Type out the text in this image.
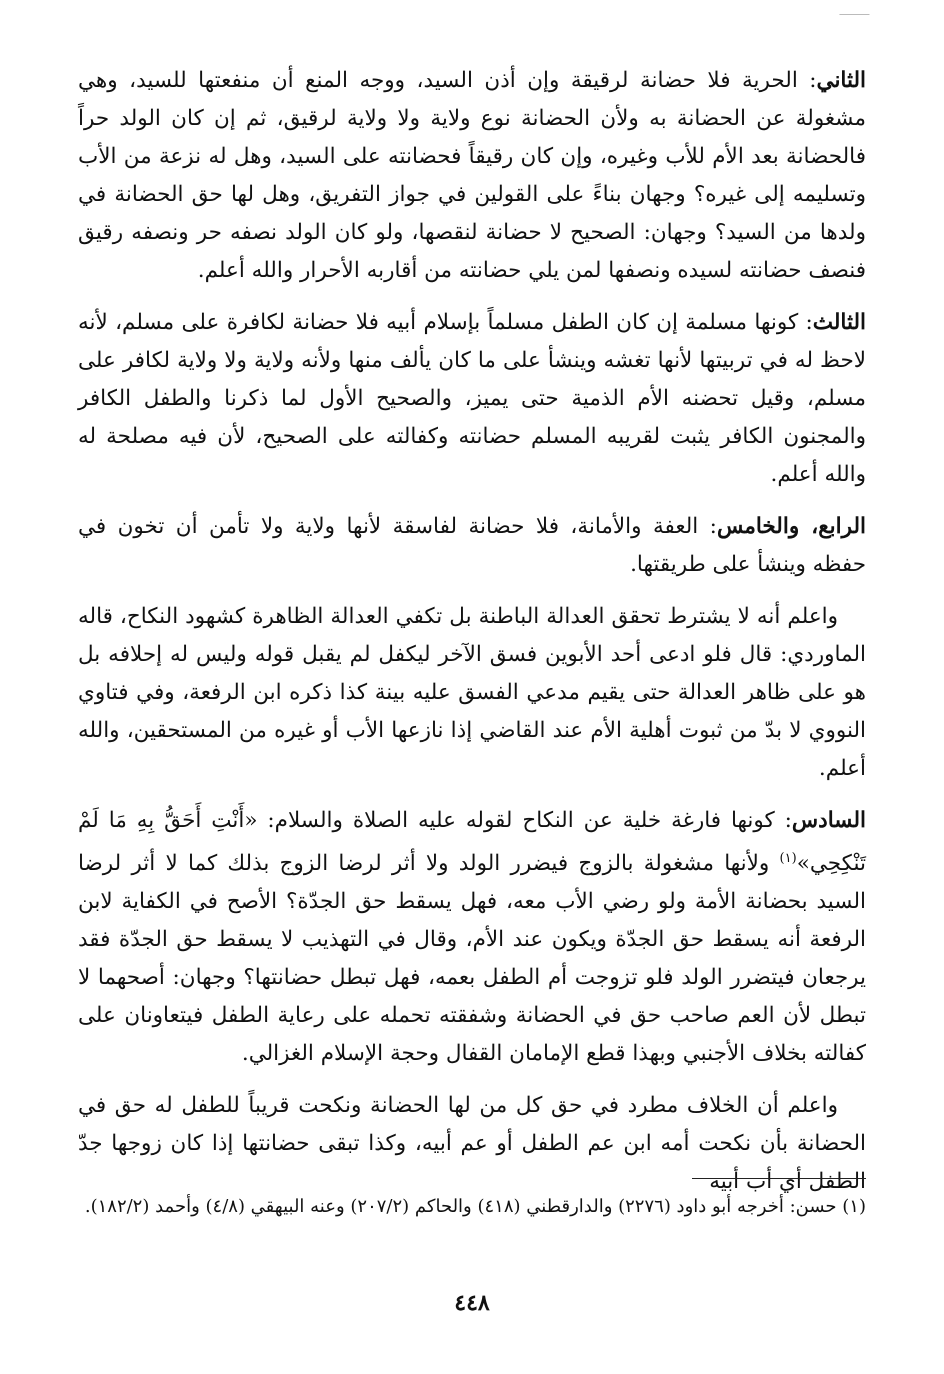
الثاني: الحرية فلا حضانة لرقيقة وإن أذن السيد، ووجه المنع أن منفعتها للسيد، وهي مشغولة عن الحضانة به ولأن الحضانة نوع ولاية ولا ولاية لرقيق، ثم إن كان الولد حراً فالحضانة بعد الأم للأب وغيره، وإن كان رقيقاً فحضانته على السيد، وهل له نزعة من الأب وتسليمه إلى غيره؟ وجهان بناءً على القولين في جواز التفريق، وهل لها حق الحضانة في ولدها من السيد؟ وجهان: الصحيح لا حضانة لنقصها، ولو كان الولد نصفه حر ونصفه رقيق فنصف حضانته لسيده ونصفها لمن يلي حضانته من أقاربه الأحرار والله أعلم.

الثالث: كونها مسلمة إن كان الطفل مسلماً بإسلام أبيه فلا حضانة لكافرة على مسلم، لأنه لاحظ له في تربيتها لأنها تغشه وينشأ على ما كان يألف منها ولأنه ولاية ولا ولاية لكافر على مسلم، وقيل تحضنه الأم الذمية حتى يميز، والصحيح الأول لما ذكرنا والطفل الكافر والمجنون الكافر يثبت لقريبه المسلم حضانته وكفالته على الصحيح، لأن فيه مصلحة له والله أعلم.

الرابع، والخامس: العفة والأمانة، فلا حضانة لفاسقة لأنها ولاية ولا تأمن أن تخون في حفظه وينشأ على طريقتها.

واعلم أنه لا يشترط تحقق العدالة الباطنة بل تكفي العدالة الظاهرة كشهود النكاح، قاله الماوردي: قال فلو ادعى أحد الأبوين فسق الآخر ليكفل لم يقبل قوله وليس له إحلافه بل هو على ظاهر العدالة حتى يقيم مدعي الفسق عليه بينة كذا ذكره ابن الرفعة، وفي فتاوي النووي لا بدّ من ثبوت أهلية الأم عند القاضي إذا نازعها الأب أو غيره من المستحقين، والله أعلم.

السادس: كونها فارغة خلية عن النكاح لقوله عليه الصلاة والسلام: «أَنْتِ أَحَقُّ بِهِ مَا لَمْ تَنْكِحِي»$^{(١)}$ ولأنها مشغولة بالزوج فيضرر الولد ولا أثر لرضا الزوج بذلك كما لا أثر لرضا السيد بحضانة الأمة ولو رضي الأب معه، فهل يسقط حق الجدّة؟ الأصح في الكفاية لابن الرفعة أنه يسقط حق الجدّة ويكون عند الأم، وقال في التهذيب لا يسقط حق الجدّة فقد يرجعان فيتضرر الولد فلو تزوجت أم الطفل بعمه، فهل تبطل حضانتها؟ وجهان: أصحهما لا تبطل لأن العم صاحب حق في الحضانة وشفقته تحمله على رعاية الطفل فيتعاونان على كفالته بخلاف الأجنبي وبهذا قطع الإمامان القفال وحجة الإسلام الغزالي.

واعلم أن الخلاف مطرد في حق كل من لها الحضانة ونكحت قريباً للطفل له حق في الحضانة بأن نكحت أمه ابن عم الطفل أو عم أبيه، وكذا تبقى حضانتها إذا كان زوجها جدّ الطفل أي أب أبيه

(١) حسن: أخرجه أبو داود (٢٢٧٦) والدارقطني (٤١٨) والحاكم (٢٠٧/٢) وعنه البيهقي (٤/٨) وأحمد (١٨٢/٢).
٤٤٨
